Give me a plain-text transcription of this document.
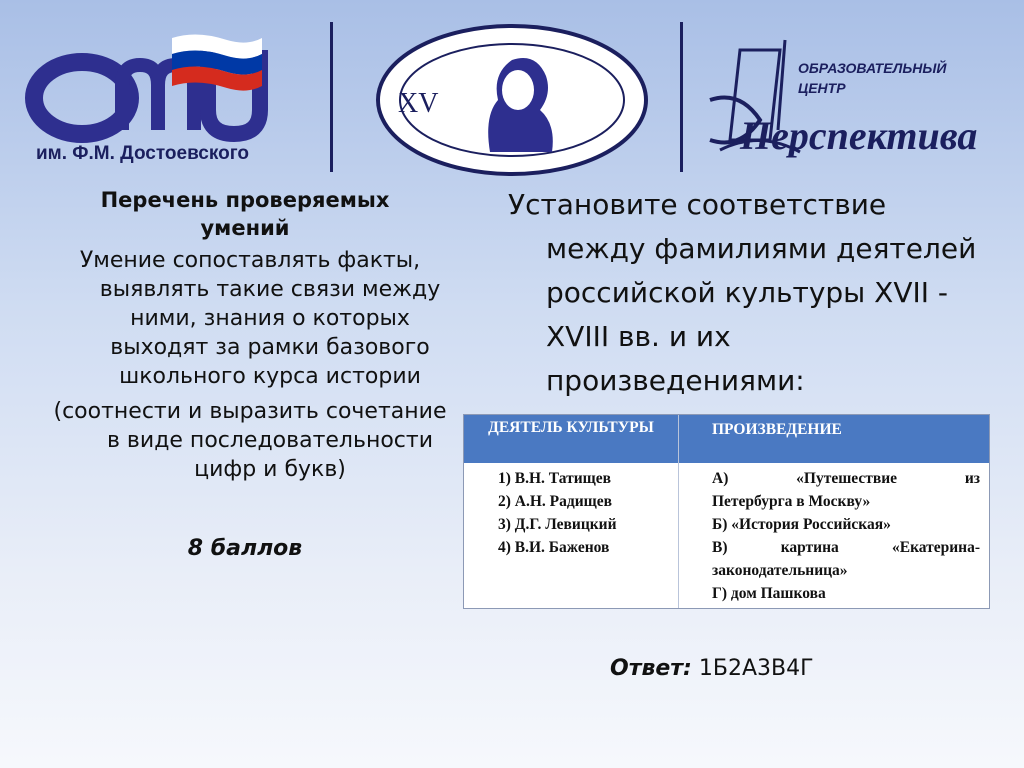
им. Ф.М. Достоевского
XV
ОБРАЗОВАТЕЛЬНЫЙ
ЦЕНТР
Перспектива
Перечень проверяемых умений
Умение сопоставлять факты, выявлять такие связи между ними, знания о которых выходят за рамки базового школьного курса истории
(соотнести и выразить сочетание в виде последовательности цифр и букв)
8 баллов
Установите соответствие между фамилиями деятелей российской культуры XVII - XVIII вв. и их произведениями:
ДЕЯТЕЛЬ КУЛЬТУРЫ	ПРОИЗВЕДЕНИЕ
1) В.Н. Татищев
2) А.Н. Радищев
3) Д.Г. Левицкий
4) В.И. Баженов
А) «Путешествие из
Петербурга в Москву»
Б) «История Российская»
В) картина «Екатерина-
законодательница»
Г) дом Пашкова
Ответ: 1Б2А3В4Г
